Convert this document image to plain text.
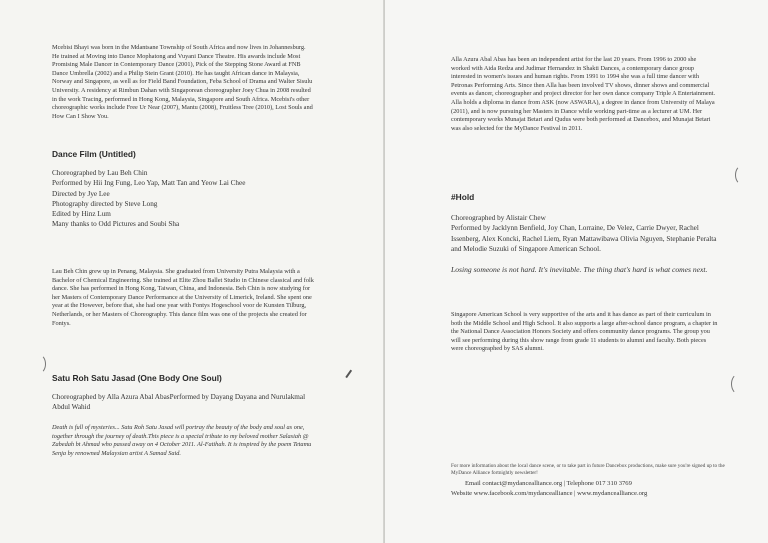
Mcebisi Bhayi was born in the Mdantsane Township of South Africa and now lives in Johannesburg. He trained at Moving into Dance Mophatong and Vuyani Dance Theatre. His awards include Most Promising Male Dancer in Contemporary Dance (2001), Pick of the Stepping Stone Award at FNB Dance Umbrella (2002) and a Philip Stein Grant (2010). He has taught African dance in Malaysia, Norway and Singapore, as well as for Field Band Foundation, Feba School of Drama and Walter Sisulu University. A residency at Rimbun Dahan with Singaporean choreographer Joey Chua in 2008 resulted in the work Tracing, performed in Hong Kong, Malaysia, Singapore and South Africa. Mcebisi's other choreographic works include Free Ur Near (2007), Mantu (2008), Fruitless Tree (2010), Lost Souls and How Can I Show You.

Dance Film (Untitled)

Choreographed by Lau Beh Chin
Performed by Hii Ing Fung, Leo Yap, Matt Tan and Yeow Lai Chee
Directed by Jye Lee
Photography directed by Steve Long
Edited by Hinz Lum
Many thanks to Odd Pictures and Soubi Sha

Lau Beh Chin grew up in Penang, Malaysia. She graduated from University Putra Malaysia with a Bachelor of Chemical Engineering. She trained at Elite Zhou Ballet Studio in Chinese classical and folk dance. She has performed in Hong Kong, Taiwan, China, and Indonesia. Beh Chin is now studying for her Masters of Contemporary Dance Performance at the University of Limerick, Ireland. She spent one year at the However, before that, she had one year with Fontys Hogeschool voor de Kunsten Tilburg, Netherlands, or her Masters of Choreography. This dance film was one of the projects she created for Fontys.

Satu Roh Satu Jasad (One Body One Soul)

Choreographed by Alla Azura Abal AbasPerformed by Dayang Dayana and Nurulakmal Abdul Wahid

Death is full of mysteries... Satu Roh Satu Jasad will portray the beauty of the body and soul as one, together through the journey of death.This piece is a special tribute to my beloved mother Salasiah @ Zabedah bt Ahmad who passed away on 4 October 2011. Al-Fatihah. It is inspired by the poem Tetamu Senja by renowned Malaysian artist A Samad Said.

Alla Azura Abal Abas has been an independent artist for the last 20 years. From 1996 to 2000 she worked with Aida Redza and Judimar Hernandez in Shakti Dances, a contemporary dance group interested in women's issues and human rights. From 1991 to 1994 she was a full time dancer with Petronas Performing Arts. Since then Alla has been involved TV shows, dinner shows and commercial events as dancer, choreographer and project director for her own dance company Triple A Entertainment. Alla holds a diploma in dance from ASK (now ASWARA), a degree in dance from University of Malaya (2011), and is now pursuing her Masters in Dance while working part-time as a lecturer at UM. Her contemporary works Munajat Betari and Qudus were both performed at Dancebox, and Munajat Betari was also selected for the MyDance Festival in 2011.

#Hold

Choreographed by Alistair Chew

Performed by Jacklynn Benfield, Joy Chan, Lorraine, De Velez, Carrie Dwyer, Rachel Issenberg, Alex Koncki, Rachel Liem, Ryan Mattawibawa Olivia Nguyen, Stephanie Peralta and Melodie Suzuki of Singapore American School.

Losing someone is not hard. It's inevitable. The thing that's hard is what comes next.

Singapore American School is very supportive of the arts and it has dance as part of their curriculum in both the Middle School and High School. It also supports a large after-school dance program, a chapter in the National Dance Association Honors Society and offers community dance programs. The group you will see performing during this show range from grade 11 students to alumni and faculty. Both pieces were choreographed by SAS alumni.

For more information about the local dance scene, or to take part in future Dancebox productions, make sure you're signed up to the MyDance Alliance fortnightly newsletter!

Email contact@mydancealliance.org | Telephone 017 310 3769

Website www.facebook.com/mydancealliance | www.mydancealliance.org
